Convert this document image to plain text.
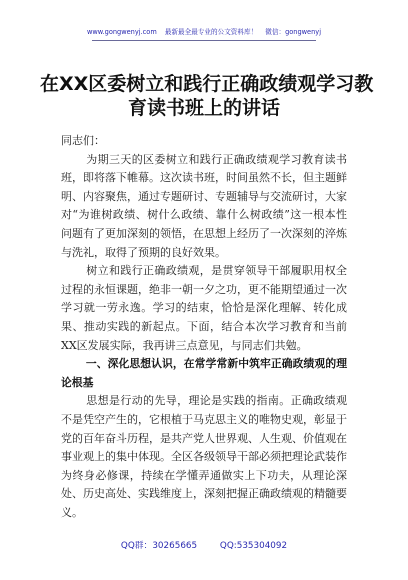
www.gongwenyj.com 最新最全最专业的公文资料库！ 微信：gongwenyj
在XX区委树立和践行正确政绩观学习教
育读书班上的讲话

同志们：

为期三天的区委树立和践行正确政绩观学习教育读书班，即将落下帷幕。这次读书班，时间虽然不长，但主题鲜明、内容聚焦，通过专题研讨、专题辅导与交流研讨，大家对“为谁树政绩、树什么政绩、靠什么树政绩”这一根本性问题有了更加深刻的领悟，在思想上经历了一次深刻的淬炼与洗礼，取得了预期的良好效果。

树立和践行正确政绩观，是贯穿领导干部履职用权全过程的永恒课题，绝非一朝一夕之功，更不能期望通过一次学习就一劳永逸。学习的结束，恰恰是深化理解、转化成果、推动实践的新起点。下面，结合本次学习教育和当前XX区发展实际，我再讲三点意见，与同志们共勉。

一、深化思想认识，在常学常新中筑牢正确政绩观的理论根基

思想是行动的先导，理论是实践的指南。正确政绩观不是凭空产生的，它根植于马克思主义的唯物史观，彰显于党的百年奋斗历程，是共产党人世界观、人生观、价值观在事业观上的集中体现。全区各级领导干部必须把理论武装作为终身必修课，持续在学懂弄通做实上下功夫，从理论深处、历史高处、实践维度上，深刻把握正确政绩观的精髓要义。

QQ群：30265665	QQ:535304092
